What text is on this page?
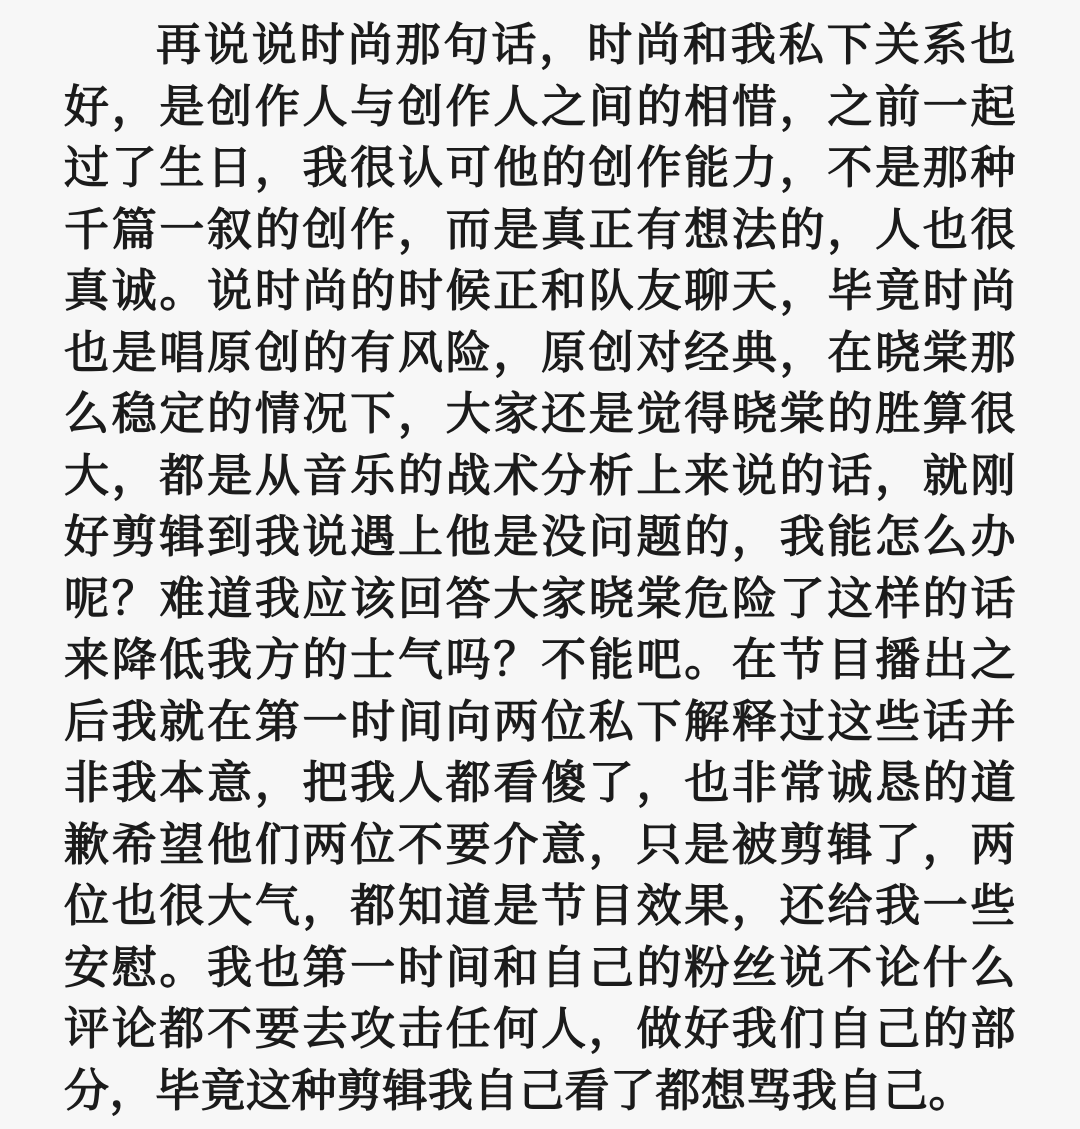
再说说时尚那句话，时尚和我私下关系也好，是创作人与创作人之间的相惜，之前一起过了生日，我很认可他的创作能力，不是那种千篇一叙的创作，而是真正有想法的，人也很真诚。说时尚的时候正和队友聊天，毕竟时尚也是唱原创的有风险，原创对经典，在晓棠那么稳定的情况下，大家还是觉得晓棠的胜算很大，都是从音乐的战术分析上来说的话，就刚好剪辑到我说遇上他是没问题的，我能怎么办呢？难道我应该回答大家晓棠危险了这样的话来降低我方的士气吗？不能吧。在节目播出之后我就在第一时间向两位私下解释过这些话并非我本意，把我人都看傻了，也非常诚恳的道歉希望他们两位不要介意，只是被剪辑了，两位也很大气，都知道是节目效果，还给我一些安慰。我也第一时间和自己的粉丝说不论什么评论都不要去攻击任何人，做好我们自己的部分，毕竟这种剪辑我自己看了都想骂我自己。
